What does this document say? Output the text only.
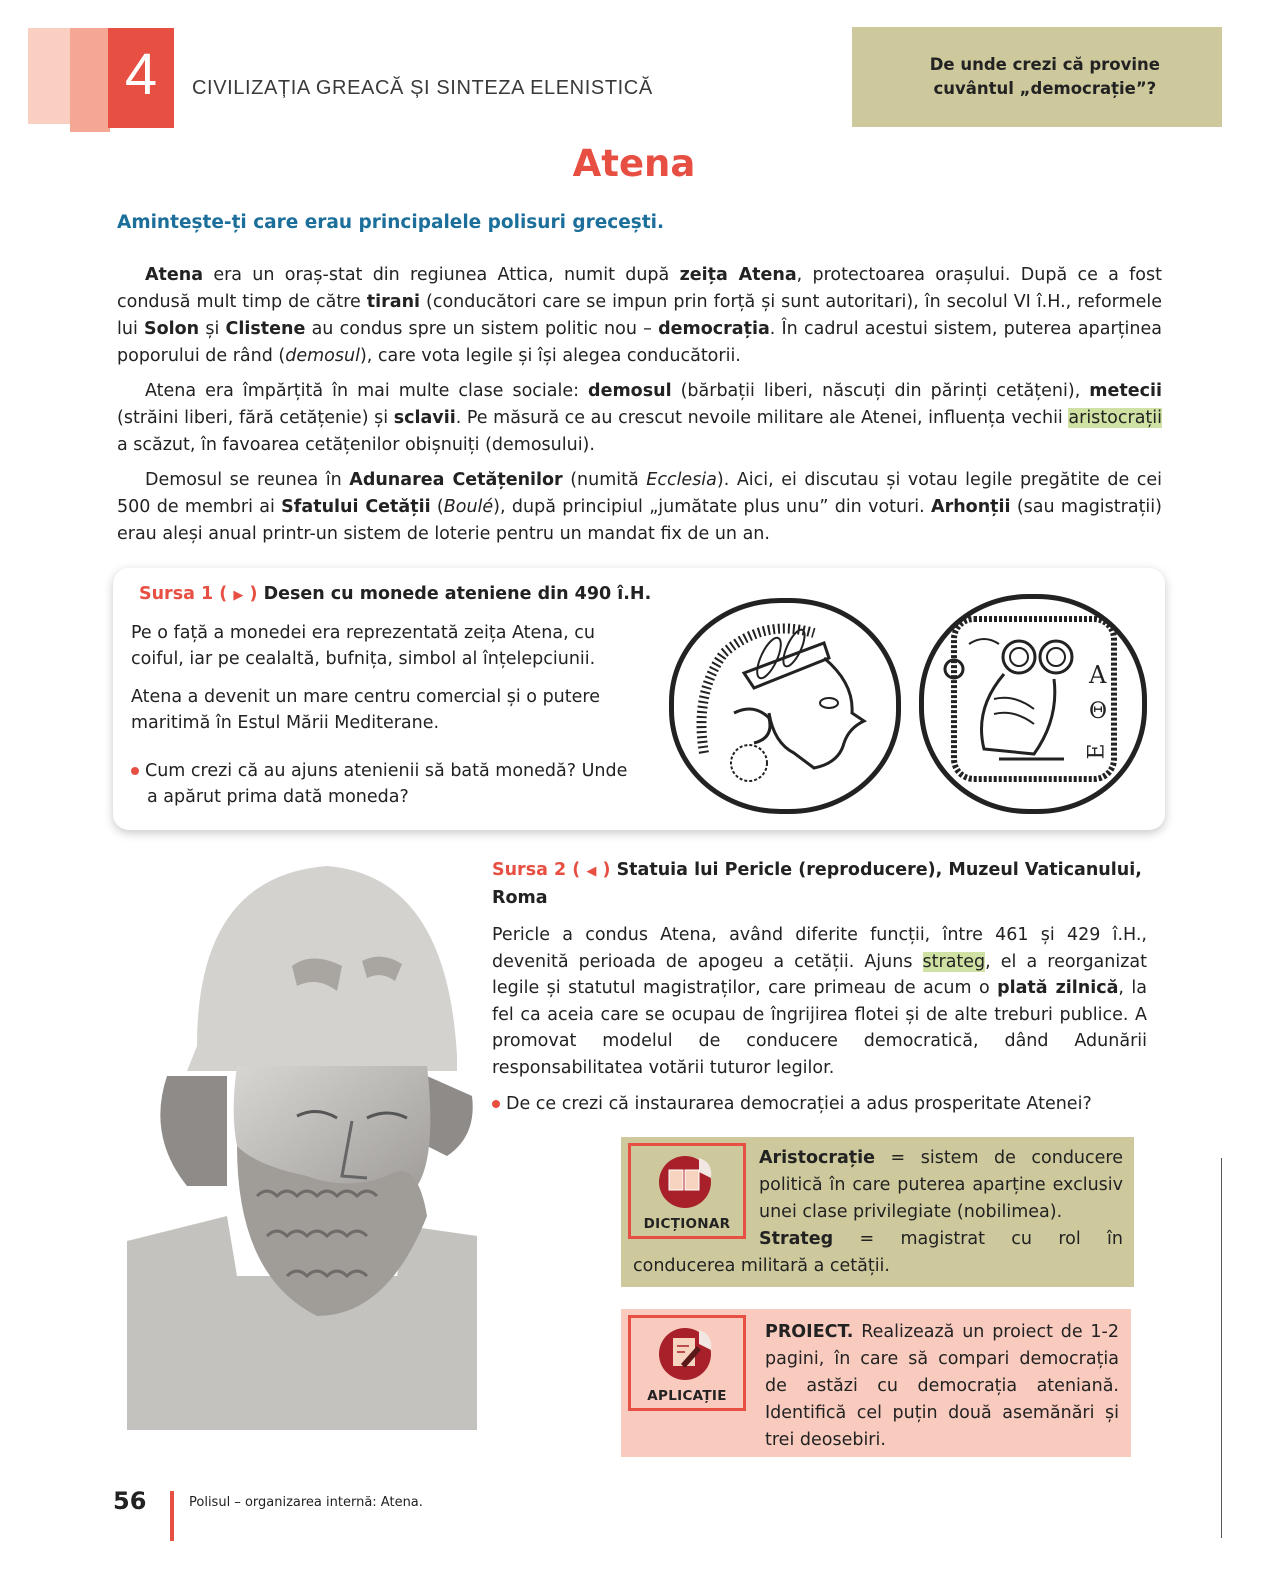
4 CIVILIZAȚIA GREACĂ ȘI SINTEZA ELENISTICĂ
De unde crezi că provine
cuvântul „democrație”?
Atena
Amintește-ți care erau principalele polisuri grecești.

Atena era un oraș-stat din regiunea Attica, numit după zeița Atena, protectoarea orașului. După ce a fost condusă mult timp de către tirani (conducători care se impun prin forță și sunt autoritari), în secolul VI î.H., reformele lui Solon și Clistene au condus spre un sistem politic nou – democrația. În cadrul acestui sistem, puterea aparținea poporului de rând (demosul), care vota legile și își alegea conducătorii.

Atena era împărțită în mai multe clase sociale: demosul (bărbații liberi, născuți din părinți cetățeni), metecii (străini liberi, fără cetățenie) și sclavii. Pe măsură ce au crescut nevoile militare ale Atenei, influența vechii aristocrații a scăzut, în favoarea cetățenilor obișnuiți (demosului).

Demosul se reunea în Adunarea Cetățenilor (numită Ecclesia). Aici, ei discutau și votau legile pregătite de cei 500 de membri ai Sfatului Cetății (Boulé), după principiul „jumătate plus unu” din voturi. Arhonții (sau magistrații) erau aleși anual printr-un sistem de loterie pentru un mandat fix de un an.

Sursa 1 ( ▶ ) Desen cu monede ateniene din 490 î.H.
Pe o față a monedei era reprezentată zeița Atena, cu coiful, iar pe cealaltă, bufnița, simbol al înțelepciunii.
Atena a devenit un mare centru comercial și o putere maritimă în Estul Mării Mediterane.
Cum crezi că au ajuns atenienii să bată monedă? Unde a apărut prima dată moneda?
Α
Θ
Ε
Sursa 2 ( ◀ ) Statuia lui Pericle (reproducere), Muzeul Vaticanului, Roma
Pericle a condus Atena, având diferite funcții, între 461 și 429 î.H., devenită perioada de apogeu a cetății. Ajuns strateg, el a reorganizat legile și statutul magistraților, care primeau de acum o plată zilnică, la fel ca aceia care se ocupau de îngrijirea flotei și de alte treburi publice. A promovat modelul de conducere democratică, dând Adunării responsabilitatea votării tuturor legilor.
De ce crezi că instaurarea democrației a adus prosperitate Atenei?
DICȚIONAR
Aristocrație = sistem de conducere politică în care puterea aparține exclusiv unei clase privilegiate (nobilimea).
Strateg = magistrat cu rol în conducerea militară a cetății.
APLICAȚIE
PROIECT. Realizează un proiect de 1-2 pagini, în care să compari democrația de astăzi cu democrația ateniană. Identifică cel puțin două asemănări și trei deosebiri.
56	Polisul – organizarea internă: Atena.
